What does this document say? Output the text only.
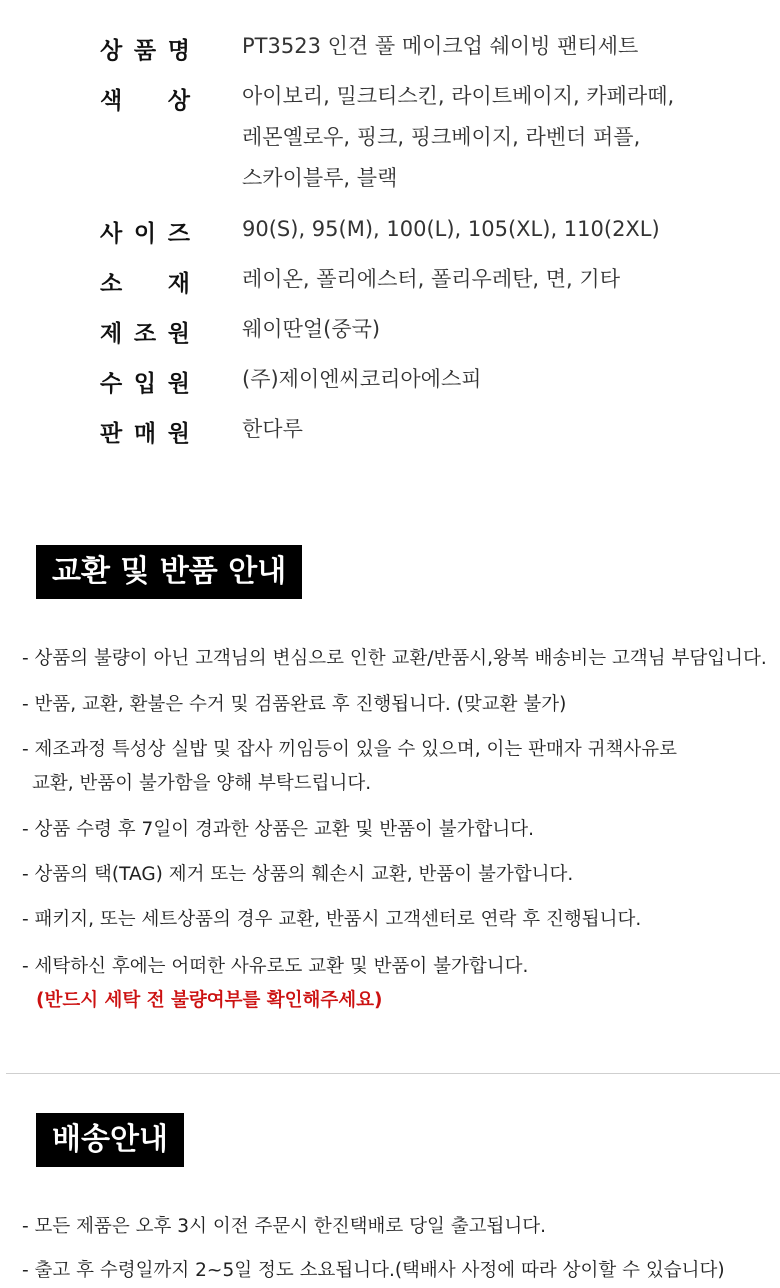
상 품 명 PT3523 인견 풀 메이크업 쉐이빙 팬티세트
색 상 아이보리, 밀크티스킨, 라이트베이지, 카페라떼,
레몬옐로우, 핑크, 핑크베이지, 라벤더 퍼플,
스카이블루, 블랙
사 이 즈 90(S), 95(M), 100(L), 105(XL), 110(2XL)
소 재 레이온, 폴리에스터, 폴리우레탄, 면, 기타
제 조 원 웨이딴얼(중국)
수 입 원 (주)제이엔씨코리아에스피
판 매 원 한다루
교환 및 반품 안내
- 상품의 불량이 아닌 고객님의 변심으로 인한 교환/반품시,왕복 배송비는 고객님 부담입니다.
- 반품, 교환, 환불은 수거 및 검품완료 후 진행됩니다. (맞교환 불가)
- 제조과정 특성상 실밥 및 잡사 끼임등이 있을 수 있으며, 이는 판매자 귀책사유로
교환, 반품이 불가함을 양해 부탁드립니다.
- 상품 수령 후 7일이 경과한 상품은 교환 및 반품이 불가합니다.
- 상품의 택(TAG) 제거 또는 상품의 훼손시 교환, 반품이 불가합니다.
- 패키지, 또는 세트상품의 경우 교환, 반품시 고객센터로 연락 후 진행됩니다.
- 세탁하신 후에는 어떠한 사유로도 교환 및 반품이 불가합니다.
(반드시 세탁 전 불량여부를 확인해주세요)
배송안내
- 모든 제품은 오후 3시 이전 주문시 한진택배로 당일 출고됩니다.
- 출고 후 수령일까지 2~5일 정도 소요됩니다.(택배사 사정에 따라 상이할 수 있습니다)
